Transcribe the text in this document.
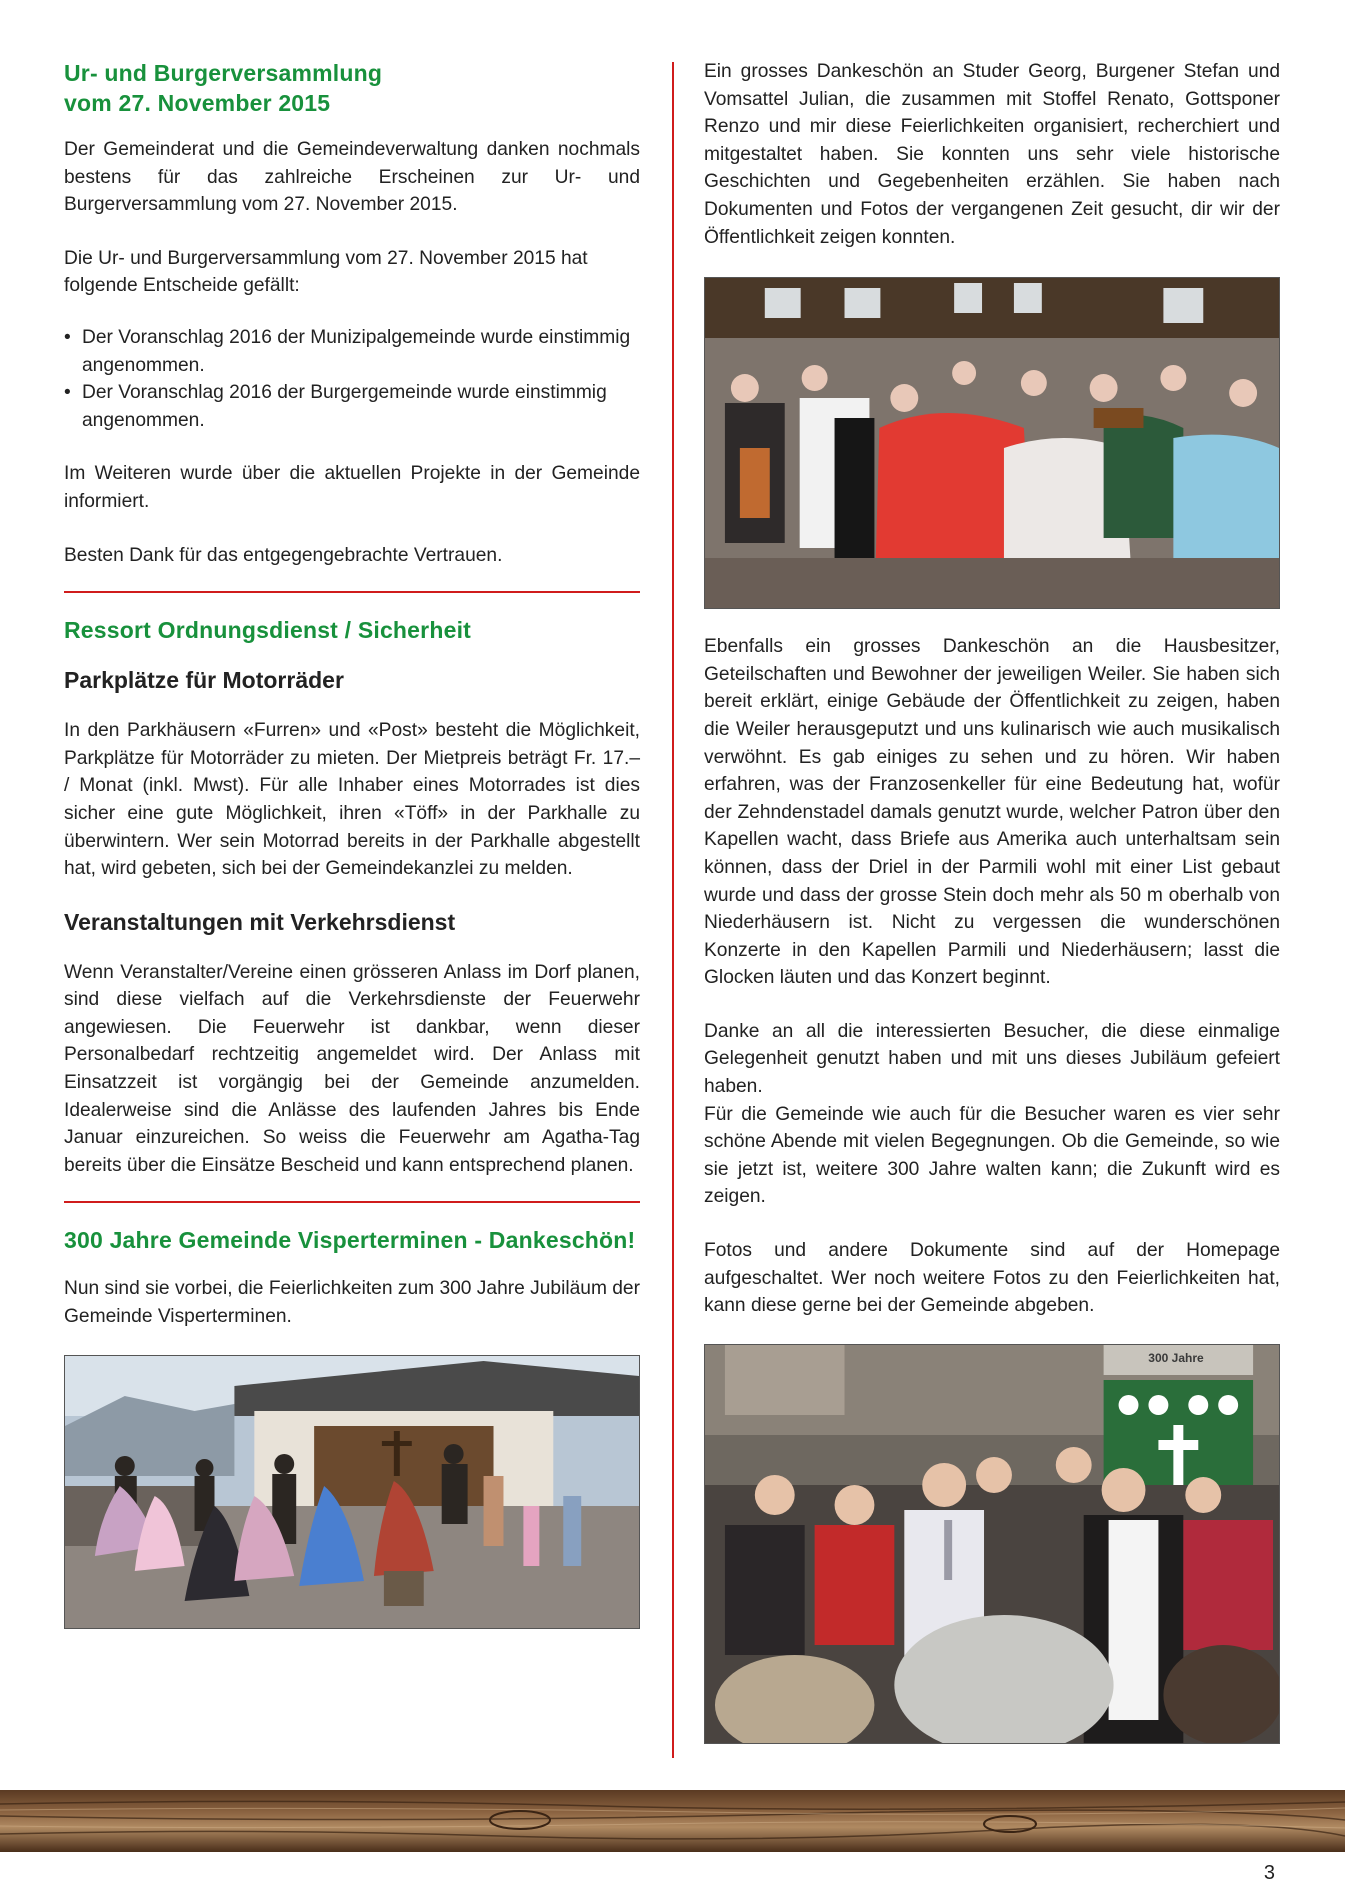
Ur- und Burgerversammlung
vom 27. November 2015

Der Gemeinderat und die Gemeindeverwaltung danken nochmals bestens für das zahlreiche Erscheinen zur Ur- und Burgerversammlung vom 27. November 2015.

Die Ur- und Burgerversammlung vom 27. November 2015 hat folgende Entscheide gefällt:

• Der Voranschlag 2016 der Munizipalgemeinde wurde einstimmig angenommen.
• Der Voranschlag 2016 der Burgergemeinde wurde einstimmig angenommen.

Im Weiteren wurde über die aktuellen Projekte in der Gemeinde informiert.

Besten Dank für das entgegengebrachte Vertrauen.

Ressort Ordnungsdienst / Sicherheit
Parkplätze für Motorräder

In den Parkhäusern «Furren» und «Post» besteht die Möglichkeit, Parkplätze für Motorräder zu mieten. Der Mietpreis beträgt Fr. 17.– / Monat (inkl. Mwst). Für alle Inhaber eines Motorrades ist dies sicher eine gute Möglichkeit, ihren «Töff» in der Parkhalle zu überwintern. Wer sein Motorrad bereits in der Parkhalle abgestellt hat, wird gebeten, sich bei der Gemeindekanzlei zu melden.

Veranstaltungen mit Verkehrsdienst

Wenn Veranstalter/Vereine einen grösseren Anlass im Dorf planen, sind diese vielfach auf die Verkehrsdienste der Feuerwehr angewiesen. Die Feuerwehr ist dankbar, wenn dieser Personalbedarf rechtzeitig angemeldet wird. Der Anlass mit Einsatzzeit ist vorgängig bei der Gemeinde anzumelden. Idealerweise sind die Anlässe des laufenden Jahres bis Ende Januar einzureichen. So weiss die Feuerwehr am Agatha-Tag bereits über die Einsätze Bescheid und kann entsprechend planen.

300 Jahre Gemeinde Visperterminen - Dankeschön!

Nun sind sie vorbei, die Feierlichkeiten zum 300 Jahre Jubiläum der Gemeinde Visperterminen.

Ein grosses Dankeschön an Studer Georg, Burgener Stefan und Vomsattel Julian, die zusammen mit Stoffel Renato, Gottsponer Renzo und mir diese Feierlichkeiten organisiert, recherchiert und mitgestaltet haben. Sie konnten uns sehr viele historische Geschichten und Gegebenheiten erzählen. Sie haben nach Dokumenten und Fotos der vergangenen Zeit gesucht, dir wir der Öffentlichkeit zeigen konnten.

Ebenfalls ein grosses Dankeschön an die Hausbesitzer, Geteilschaften und Bewohner der jeweiligen Weiler. Sie haben sich bereit erklärt, einige Gebäude der Öffentlichkeit zu zeigen, haben die Weiler herausgeputzt und uns kulinarisch wie auch musikalisch verwöhnt. Es gab einiges zu sehen und zu hören. Wir haben erfahren, was der Franzosenkeller für eine Bedeutung hat, wofür der Zehndenstadel damals genutzt wurde, welcher Patron über den Kapellen wacht, dass Briefe aus Amerika auch unterhaltsam sein können, dass der Driel in der Parmili wohl mit einer List gebaut wurde und dass der grosse Stein doch mehr als 50 m oberhalb von Niederhäusern ist. Nicht zu vergessen die wunderschönen Konzerte in den Kapellen Parmili und Niederhäusern; lasst die Glocken läuten und das Konzert beginnt.

Danke an all die interessierten Besucher, die diese einmalige Gelegenheit genutzt haben und mit uns dieses Jubiläum gefeiert haben.

Für die Gemeinde wie auch für die Besucher waren es vier sehr schöne Abende mit vielen Begegnungen. Ob die Gemeinde, so wie sie jetzt ist, weitere 300 Jahre walten kann; die Zukunft wird es zeigen.

Fotos und andere Dokumente sind auf der Homepage aufgeschaltet. Wer noch weitere Fotos zu den Feierlichkeiten hat, kann diese gerne bei der Gemeinde abgeben.

300 Jahre
3
